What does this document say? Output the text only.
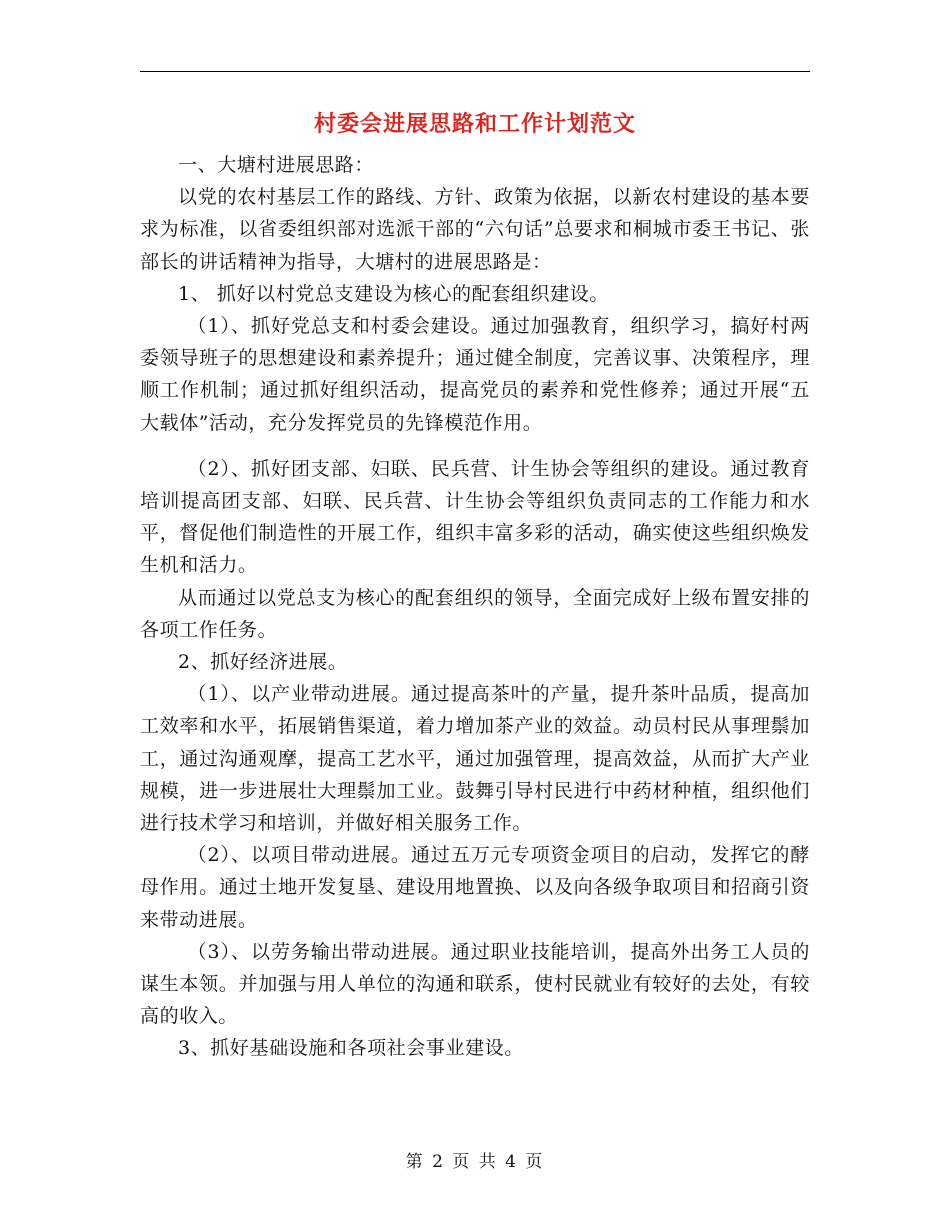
村委会进展思路和工作计划范文

一、大塘村进展思路：

以党的农村基层工作的路线、方针、政策为依据，以新农村建设的基本要求为标准，以省委组织部对选派干部的“六句话”总要求和桐城市委王书记、张部长的讲话精神为指导，大塘村的进展思路是：

1、 抓好以村党总支建设为核心的配套组织建设。

（1）、抓好党总支和村委会建设。通过加强教育，组织学习，搞好村两委领导班子的思想建设和素养提升；通过健全制度，完善议事、决策程序，理顺工作机制；通过抓好组织活动，提高党员的素养和党性修养；通过开展“五大载体”活动，充分发挥党员的先锋模范作用。

（2）、抓好团支部、妇联、民兵营、计生协会等组织的建设。通过教育培训提高团支部、妇联、民兵营、计生协会等组织负责同志的工作能力和水平，督促他们制造性的开展工作，组织丰富多彩的活动，确实使这些组织焕发生机和活力。

从而通过以党总支为核心的配套组织的领导，全面完成好上级布置安排的各项工作任务。

2、抓好经济进展。

（1）、以产业带动进展。通过提高茶叶的产量，提升茶叶品质，提高加工效率和水平，拓展销售渠道，着力增加茶产业的效益。动员村民从事理鬃加工，通过沟通观摩，提高工艺水平，通过加强管理，提高效益，从而扩大产业规模，进一步进展壮大理鬃加工业。鼓舞引导村民进行中药材种植，组织他们进行技术学习和培训，并做好相关服务工作。

（2）、以项目带动进展。通过五万元专项资金项目的启动，发挥它的酵母作用。通过土地开发复垦、建设用地置换、以及向各级争取项目和招商引资来带动进展。

（3）、以劳务输出带动进展。通过职业技能培训，提高外出务工人员的谋生本领。并加强与用人单位的沟通和联系，使村民就业有较好的去处，有较高的收入。

3、抓好基础设施和各项社会事业建设。

第 2 页 共 4 页
